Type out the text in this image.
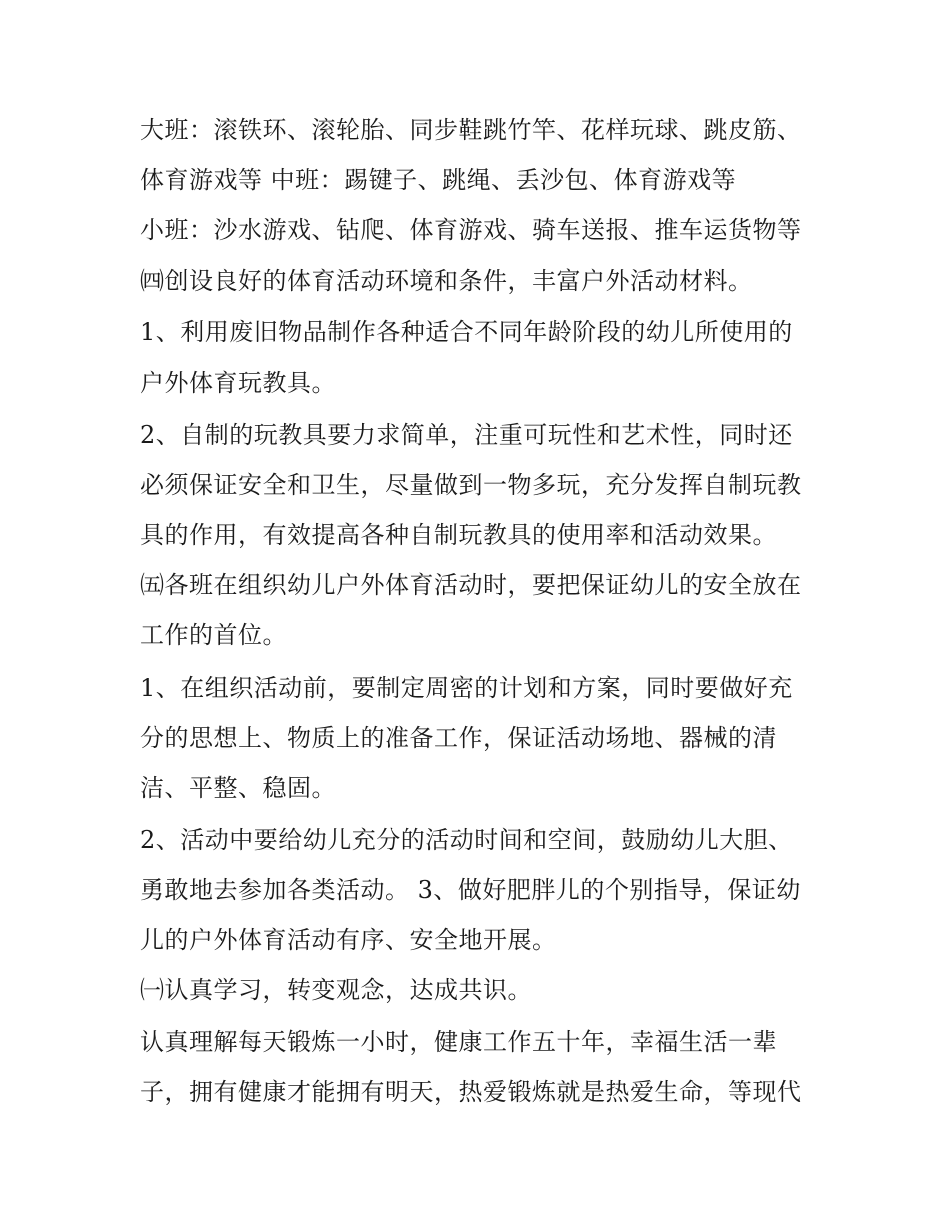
大班：滚铁环、滚轮胎、同步鞋跳竹竿、花样玩球、跳皮筋、
体育游戏等 中班：踢键子、跳绳、丢沙包、体育游戏等
小班：沙水游戏、钻爬、体育游戏、骑车送报、推车运货物等
㈣创设良好的体育活动环境和条件，丰富户外活动材料。
1、利用废旧物品制作各种适合不同年龄阶段的幼儿所使用的
户外体育玩教具。
2、自制的玩教具要力求简单，注重可玩性和艺术性，同时还
必须保证安全和卫生，尽量做到一物多玩，充分发挥自制玩教
具的作用，有效提高各种自制玩教具的使用率和活动效果。
㈤各班在组织幼儿户外体育活动时，要把保证幼儿的安全放在
工作的首位。
1、在组织活动前，要制定周密的计划和方案，同时要做好充
分的思想上、物质上的准备工作，保证活动场地、器械的清
洁、平整、稳固。
2、活动中要给幼儿充分的活动时间和空间，鼓励幼儿大胆、
勇敢地去参加各类活动。 3、做好肥胖儿的个别指导，保证幼
儿的户外体育活动有序、安全地开展。
㈠认真学习，转变观念，达成共识。
认真理解每天锻炼一小时，健康工作五十年，幸福生活一辈
子，拥有健康才能拥有明天，热爱锻炼就是热爱生命，等现代
